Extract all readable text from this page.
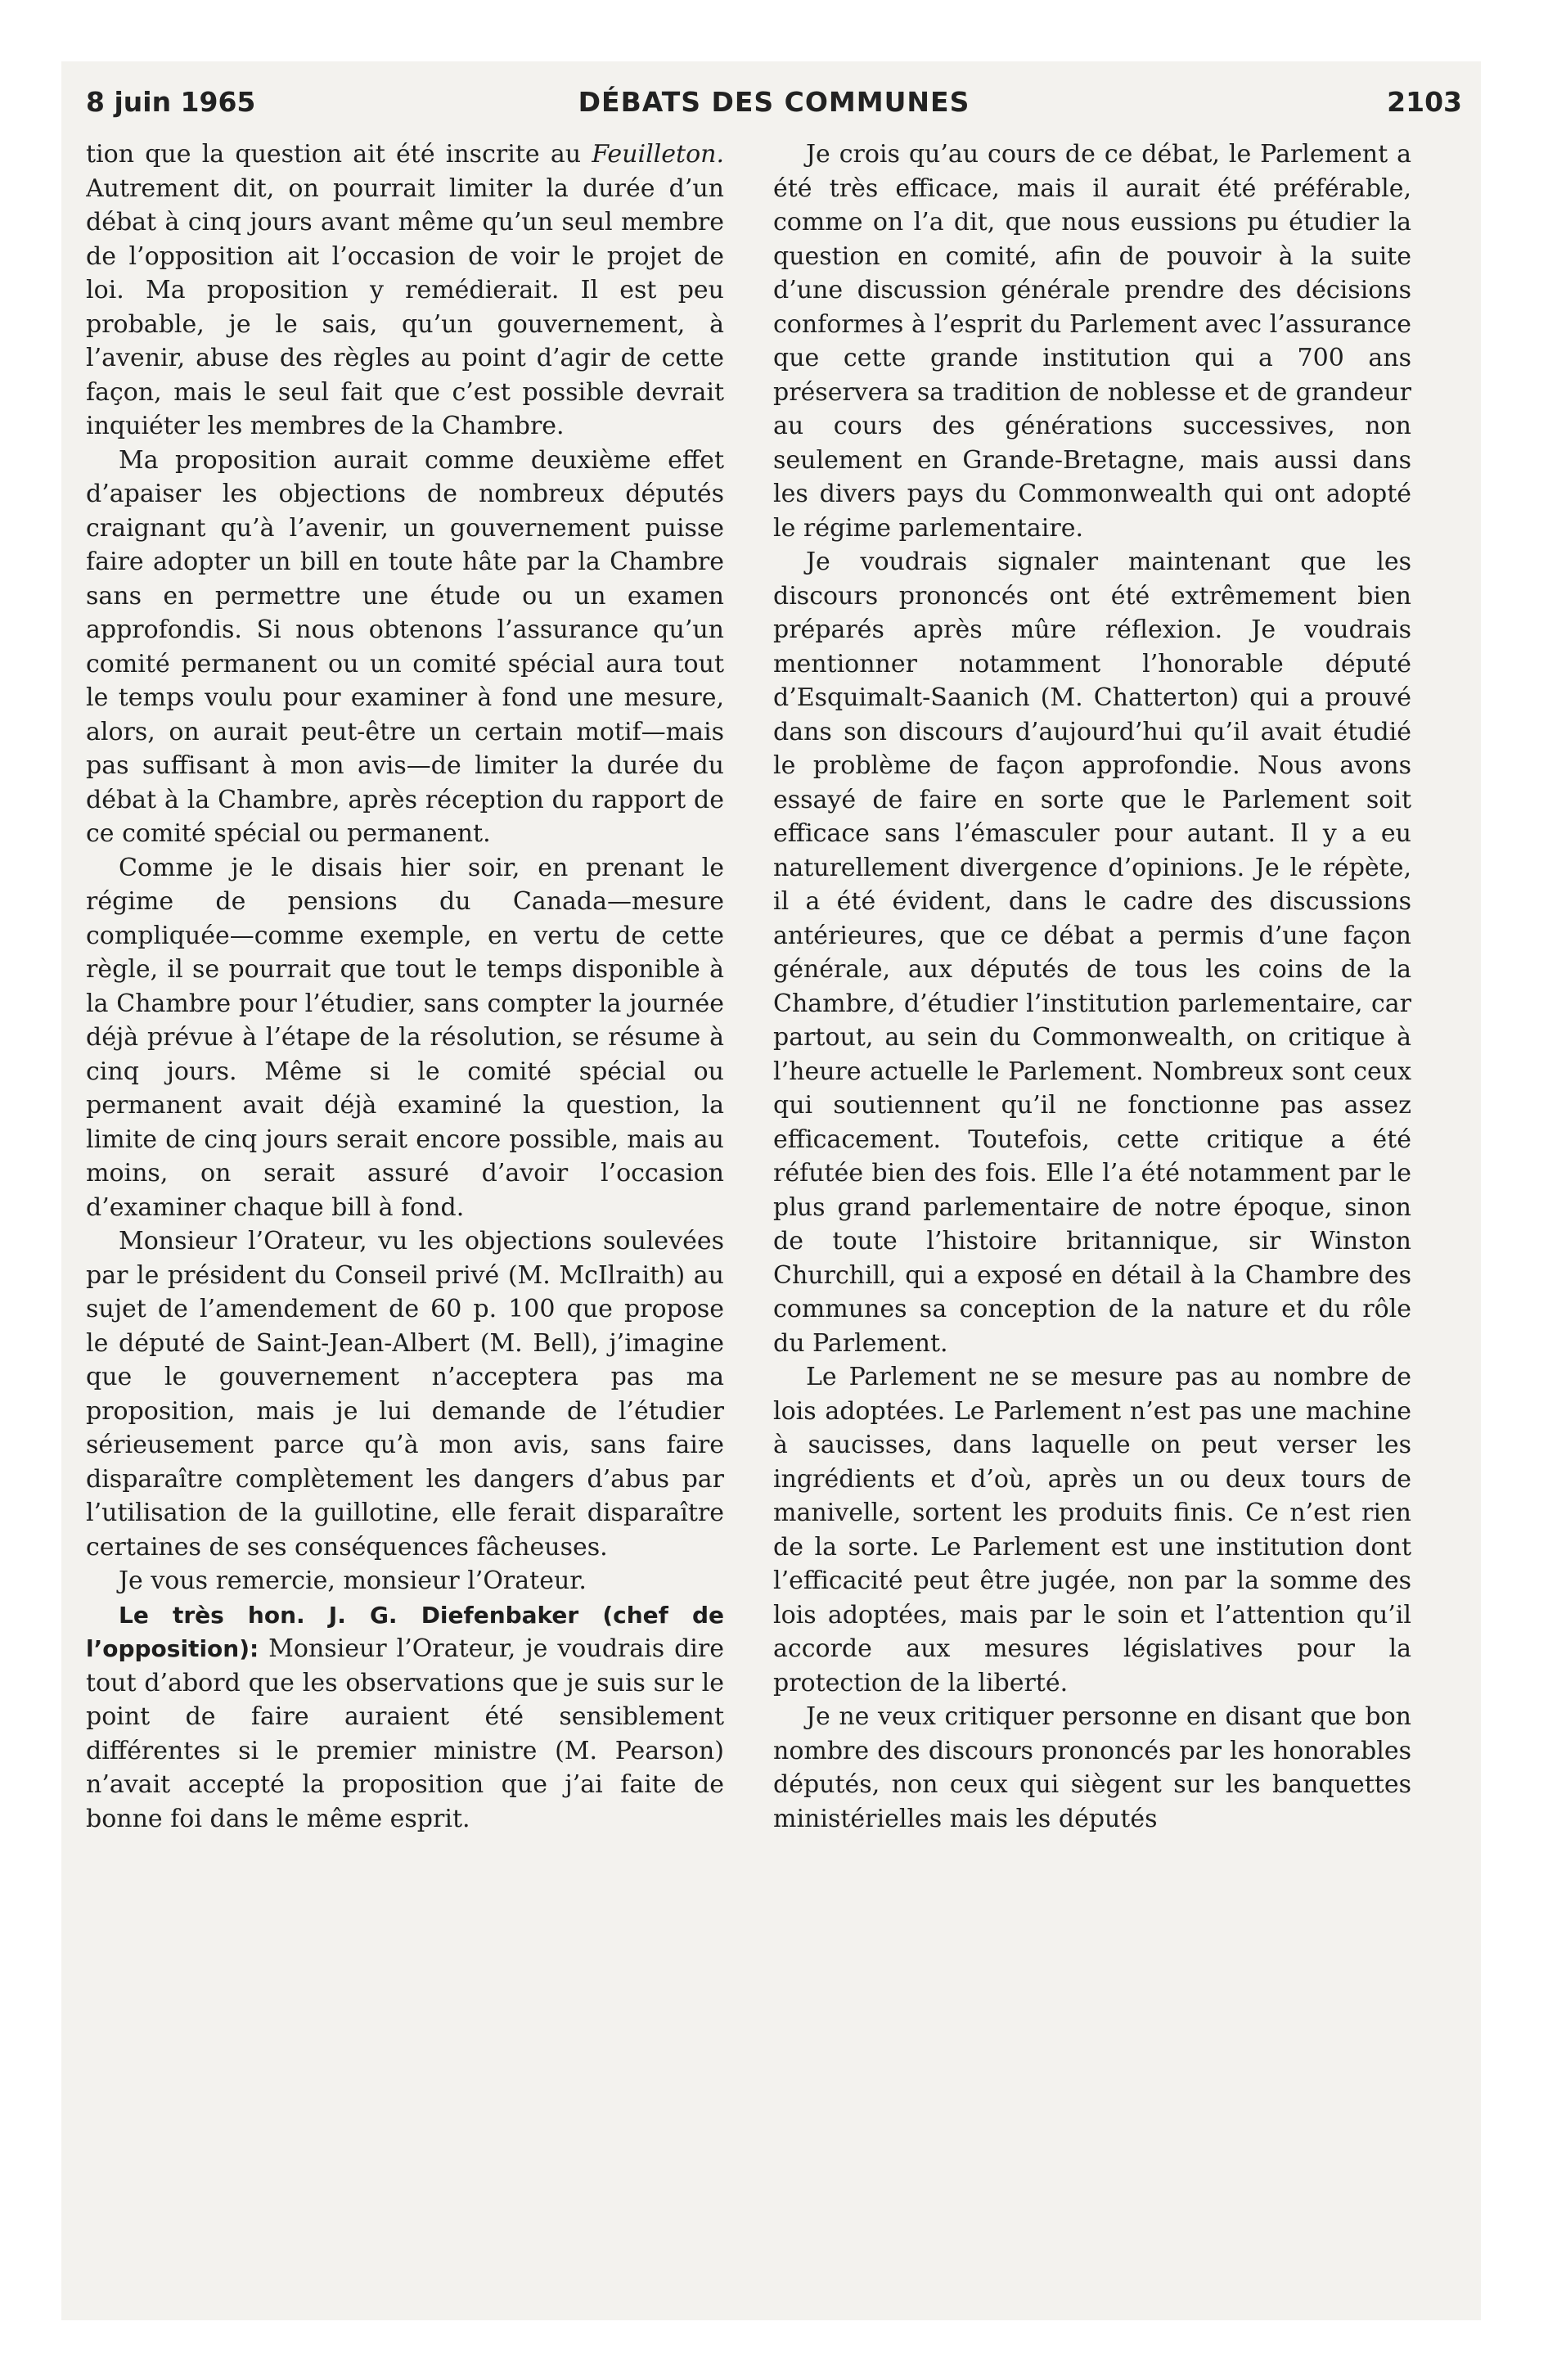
8 juin 1965	DÉBATS DES COMMUNES	2103

tion que la question ait été inscrite au Feuilleton. Autrement dit, on pourrait limiter la durée d’un débat à cinq jours avant même qu’un seul membre de l’opposition ait l’occasion de voir le projet de loi. Ma proposition y remédierait. Il est peu probable, je le sais, qu’un gouvernement, à l’avenir, abuse des règles au point d’agir de cette façon, mais le seul fait que c’est possible devrait inquiéter les membres de la Chambre.

Ma proposition aurait comme deuxième effet d’apaiser les objections de nombreux députés craignant qu’à l’avenir, un gouvernement puisse faire adopter un bill en toute hâte par la Chambre sans en permettre une étude ou un examen approfondis. Si nous obtenons l’assurance qu’un comité permanent ou un comité spécial aura tout le temps voulu pour examiner à fond une mesure, alors, on aurait peut-être un certain motif—mais pas suffisant à mon avis—de limiter la durée du débat à la Chambre, après réception du rapport de ce comité spécial ou permanent.

Comme je le disais hier soir, en prenant le régime de pensions du Canada—mesure compliquée—comme exemple, en vertu de cette règle, il se pourrait que tout le temps disponible à la Chambre pour l’étudier, sans compter la journée déjà prévue à l’étape de la résolution, se résume à cinq jours. Même si le comité spécial ou permanent avait déjà examiné la question, la limite de cinq jours serait encore possible, mais au moins, on serait assuré d’avoir l’occasion d’examiner chaque bill à fond.

Monsieur l’Orateur, vu les objections soulevées par le président du Conseil privé (M. McIlraith) au sujet de l’amendement de 60 p. 100 que propose le député de Saint-Jean-Albert (M. Bell), j’imagine que le gouvernement n’acceptera pas ma proposition, mais je lui demande de l’étudier sérieusement parce qu’à mon avis, sans faire disparaître complètement les dangers d’abus par l’utilisation de la guillotine, elle ferait disparaître certaines de ses conséquences fâcheuses.

Je vous remercie, monsieur l’Orateur.

Le très hon. J. G. Diefenbaker (chef de l’opposition): Monsieur l’Orateur, je voudrais dire tout d’abord que les observations que je suis sur le point de faire auraient été sensiblement différentes si le premier ministre (M. Pearson) n’avait accepté la proposition que j’ai faite de bonne foi dans le même esprit.

Je crois qu’au cours de ce débat, le Parlement a été très efficace, mais il aurait été préférable, comme on l’a dit, que nous eussions pu étudier la question en comité, afin de pouvoir à la suite d’une discussion générale prendre des décisions conformes à l’esprit du Parlement avec l’assurance que cette grande institution qui a 700 ans préservera sa tradition de noblesse et de grandeur au cours des générations successives, non seulement en Grande-Bretagne, mais aussi dans les divers pays du Commonwealth qui ont adopté le régime parlementaire.

Je voudrais signaler maintenant que les discours prononcés ont été extrêmement bien préparés après mûre réflexion. Je voudrais mentionner notamment l’honorable député d’Esquimalt-Saanich (M. Chatterton) qui a prouvé dans son discours d’aujourd’hui qu’il avait étudié le problème de façon approfondie. Nous avons essayé de faire en sorte que le Parlement soit efficace sans l’émasculer pour autant. Il y a eu naturellement divergence d’opinions. Je le répète, il a été évident, dans le cadre des discussions antérieures, que ce débat a permis d’une façon générale, aux députés de tous les coins de la Chambre, d’étudier l’institution parlementaire, car partout, au sein du Commonwealth, on critique à l’heure actuelle le Parlement. Nombreux sont ceux qui soutiennent qu’il ne fonctionne pas assez efficacement. Toutefois, cette critique a été réfutée bien des fois. Elle l’a été notamment par le plus grand parlementaire de notre époque, sinon de toute l’histoire britannique, sir Winston Churchill, qui a exposé en détail à la Chambre des communes sa conception de la nature et du rôle du Parlement.

Le Parlement ne se mesure pas au nombre de lois adoptées. Le Parlement n’est pas une machine à saucisses, dans laquelle on peut verser les ingrédients et d’où, après un ou deux tours de manivelle, sortent les produits finis. Ce n’est rien de la sorte. Le Parlement est une institution dont l’efficacité peut être jugée, non par la somme des lois adoptées, mais par le soin et l’attention qu’il accorde aux mesures législatives pour la protection de la liberté.

Je ne veux critiquer personne en disant que bon nombre des discours prononcés par les honorables députés, non ceux qui siègent sur les banquettes ministérielles mais les députés
